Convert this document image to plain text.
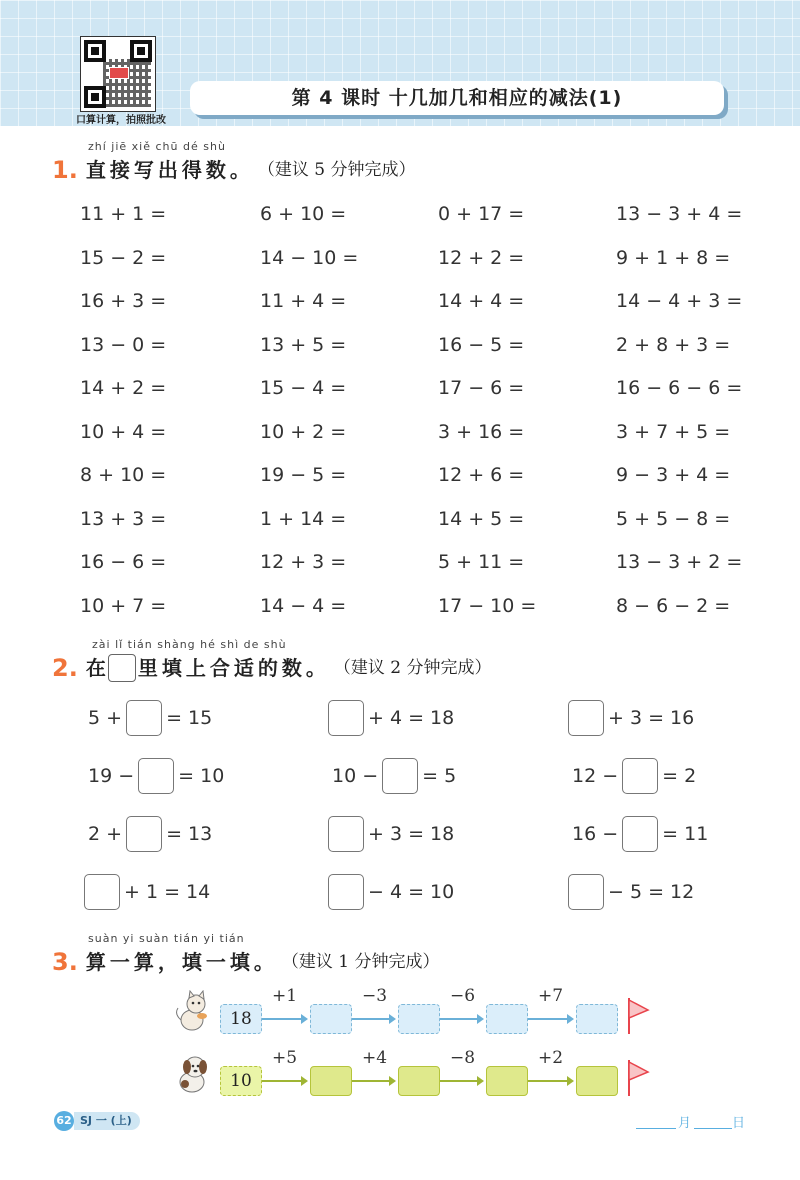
口算计算，拍照批改
第 4 课时 十几加几和相应的减法(1)
zhí jiē xiě chū dé shù
1. 直接写出得数。 （建议 5 分钟完成）
11 + 1 =	6 + 10 =	0 + 17 =	13 − 3 + 4 =
15 − 2 =	14 − 10 =	12 + 2 =	9 + 1 + 8 =
16 + 3 =	11 + 4 =	14 + 4 =	14 − 4 + 3 =
13 − 0 =	13 + 5 =	16 − 5 =	2 + 8 + 3 =
14 + 2 =	15 − 4 =	17 − 6 =	16 − 6 − 6 =
10 + 4 =	10 + 2 =	3 + 16 =	3 + 7 + 5 =
8 + 10 =	19 − 5 =	12 + 6 =	9 − 3 + 4 =
13 + 3 =	1 + 14 =	14 + 5 =	5 + 5 − 8 =
16 − 6 =	12 + 3 =	5 + 11 =	13 − 3 + 2 =
10 + 7 =	14 − 4 =	17 − 10 =	8 − 6 − 2 =
zài lǐ tián shàng hé shì de shù
2. 在 里填上合适的数。 （建议 2 分钟完成）
5 + = 15	+ 4 = 18	+ 3 = 16
19 − = 10	10 − = 5	12 − = 2
2 + = 13	+ 3 = 18	16 − = 11
+ 1 = 14	− 4 = 10	− 5 = 12
suàn yi suàn tián yi tián
3. 算一算，填一填。 （建议 1 分钟完成）
18
+1	−3	−6	+7
10
+5	+4	−8	+2
62 SJ 一 (上)	月	日
